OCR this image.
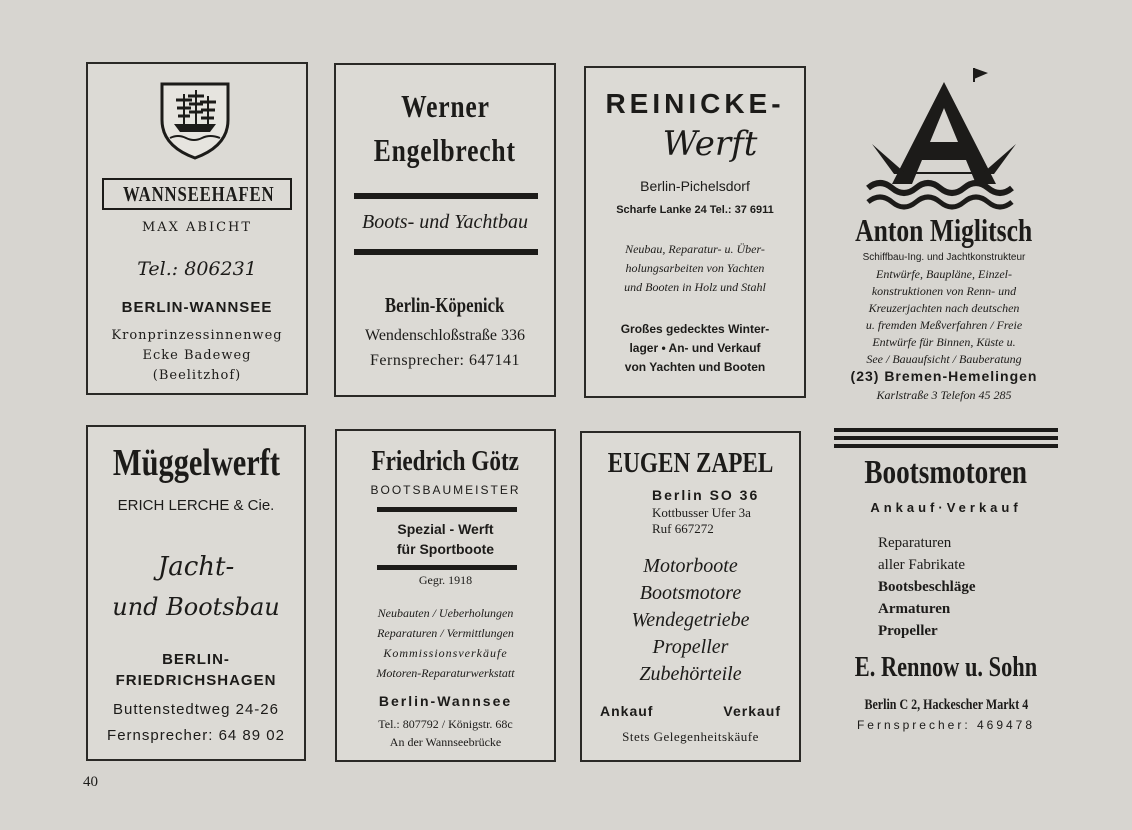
WANNSEEHAFEN
MAX ABICHT
Tel.: 806231
BERLIN-WANNSEE
Kronprinzessinnenweg
Ecke Badeweg
(Beelitzhof)
Werner
Engelbrecht
Boots- und Yachtbau
Berlin-Köpenick
Wendenschloßstraße 336
Fernsprecher: 647141
REINICKE-
Werft
Berlin-Pichelsdorf
Scharfe Lanke 24 Tel.: 37 6911
Neubau, Reparatur- u. Über-
holungsarbeiten von Yachten
und Booten in Holz und Stahl
Großes gedecktes Winter-
lager • An- und Verkauf
von Yachten und Booten
Anton Miglitsch
Schiffbau-Ing. und Jachtkonstrukteur
Entwürfe, Baupläne, Einzel-
konstruktionen von Renn- und
Kreuzerjachten nach deutschen
u. fremden Meßverfahren / Freie
Entwürfe für Binnen, Küste u.
See / Bauaufsicht / Bauberatung
(23) Bremen-Hemelingen
Karlstraße 3 Telefon 45 285
Müggelwerft
ERICH LERCHE & Cie.
Jacht-
und Bootsbau
BERLIN-
FRIEDRICHSHAGEN
Buttenstedtweg 24-26
Fernsprecher: 64 89 02
Friedrich Götz
BOOTSBAUMEISTER
Spezial - Werft
für Sportboote
Gegr. 1918
Neubauten / Ueberholungen
Reparaturen / Vermittlungen
Kommissionsverkäufe
Motoren-Reparaturwerkstatt
Berlin-Wannsee
Tel.: 807792 / Königstr. 68c
An der Wannseebrücke
EUGEN ZAPEL
Berlin SO 36
Kottbusser Ufer 3a
Ruf 667272
Motorboote
Bootsmotore
Wendegetriebe
Propeller
Zubehörteile
Ankauf	Verkauf
Stets Gelegenheitskäufe
Bootsmotoren
Ankauf·Verkauf
Reparaturen
aller Fabrikate
Bootsbeschläge
Armaturen
Propeller
E. Rennow u. Sohn
Berlin C 2, Hackescher Markt 4
Fernsprecher: 469478
40
